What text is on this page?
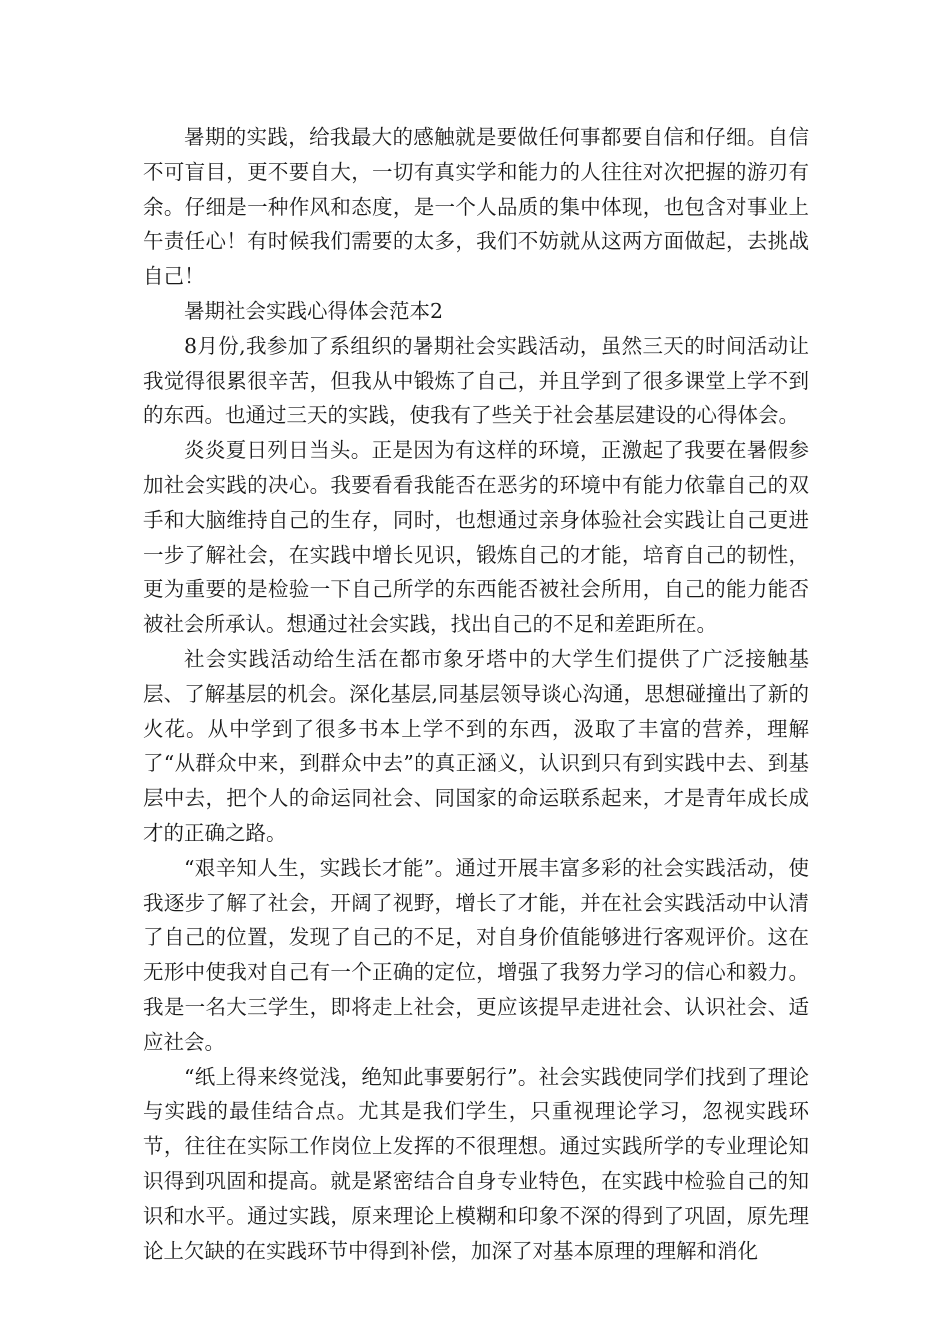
暑期的实践，给我最大的感触就是要做任何事都要自信和仔细。自信不可盲目，更不要自大，一切有真实学和能力的人往往对次把握的游刃有余。仔细是一种作风和态度，是一个人品质的集中体现，也包含对事业上午责任心！有时候我们需要的太多，我们不妨就从这两方面做起，去挑战自己！

暑期社会实践心得体会范本2

8月份,我参加了系组织的暑期社会实践活动，虽然三天的时间活动让我觉得很累很辛苦，但我从中锻炼了自己，并且学到了很多课堂上学不到的东西。也通过三天的实践，使我有了些关于社会基层建设的心得体会。

炎炎夏日列日当头。正是因为有这样的环境，正激起了我要在暑假参加社会实践的决心。我要看看我能否在恶劣的环境中有能力依靠自己的双手和大脑维持自己的生存，同时，也想通过亲身体验社会实践让自己更进一步了解社会，在实践中增长见识，锻炼自己的才能，培育自己的韧性，更为重要的是检验一下自己所学的东西能否被社会所用，自己的能力能否被社会所承认。想通过社会实践，找出自己的不足和差距所在。

社会实践活动给生活在都市象牙塔中的大学生们提供了广泛接触基层、了解基层的机会。深化基层,同基层领导谈心沟通，思想碰撞出了新的火花。从中学到了很多书本上学不到的东西，汲取了丰富的营养，理解了“从群众中来，到群众中去”的真正涵义，认识到只有到实践中去、到基层中去，把个人的命运同社会、同国家的命运联系起来，才是青年成长成才的正确之路。

“艰辛知人生，实践长才能”。通过开展丰富多彩的社会实践活动，使我逐步了解了社会，开阔了视野，增长了才能，并在社会实践活动中认清了自己的位置，发现了自己的不足，对自身价值能够进行客观评价。这在无形中使我对自己有一个正确的定位，增强了我努力学习的信心和毅力。我是一名大三学生，即将走上社会，更应该提早走进社会、认识社会、适应社会。

“纸上得来终觉浅，绝知此事要躬行”。社会实践使同学们找到了理论与实践的最佳结合点。尤其是我们学生，只重视理论学习，忽视实践环节，往往在实际工作岗位上发挥的不很理想。通过实践所学的专业理论知识得到巩固和提高。就是紧密结合自身专业特色，在实践中检验自己的知识和水平。通过实践，原来理论上模糊和印象不深的得到了巩固，原先理论上欠缺的在实践环节中得到补偿，加深了对基本原理的理解和消化
